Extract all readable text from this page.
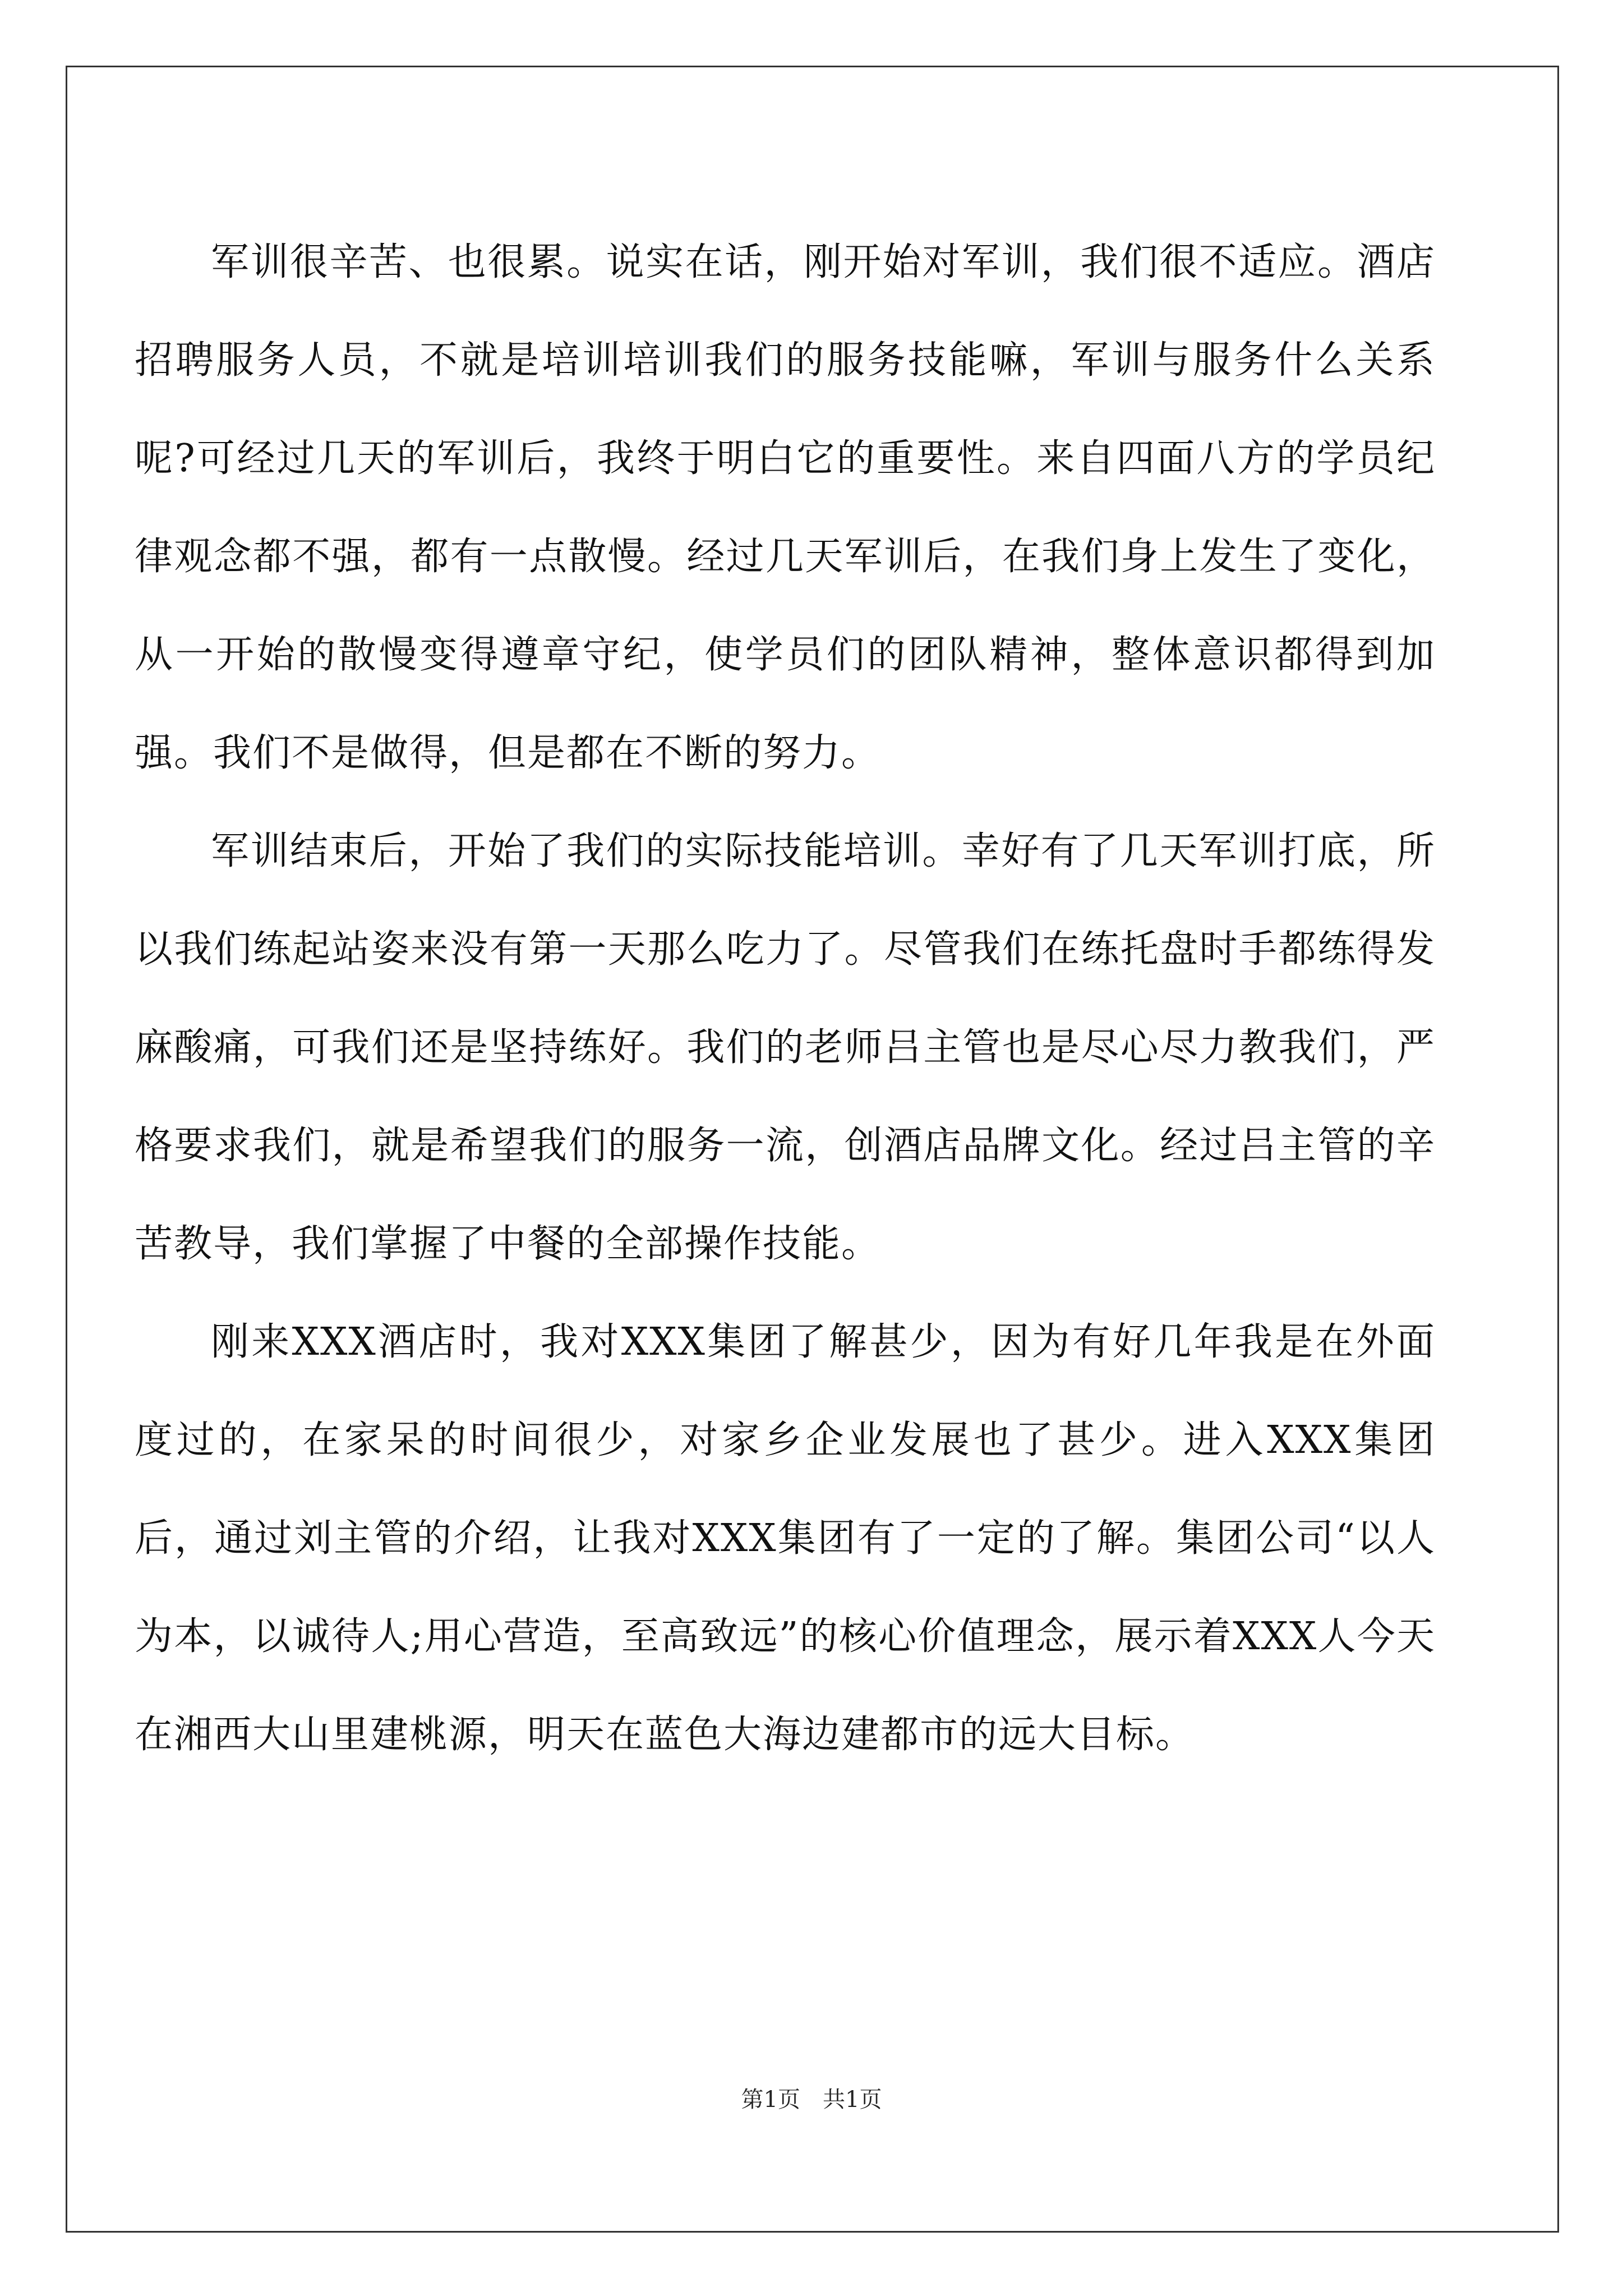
军训很辛苦、也很累。说实在话，刚开始对军训，我们很不适应。酒店招聘服务人员，不就是培训培训我们的服务技能嘛，军训与服务什么关系呢?可经过几天的军训后，我终于明白它的重要性。来自四面八方的学员纪律观念都不强，都有一点散慢。经过几天军训后，在我们身上发生了变化，从一开始的散慢变得遵章守纪，使学员们的团队精神，整体意识都得到加强。我们不是做得，但是都在不断的努力。

军训结束后，开始了我们的实际技能培训。幸好有了几天军训打底，所以我们练起站姿来没有第一天那么吃力了。尽管我们在练托盘时手都练得发麻酸痛，可我们还是坚持练好。我们的老师吕主管也是尽心尽力教我们，严格要求我们，就是希望我们的服务一流，创酒店品牌文化。经过吕主管的辛苦教导，我们掌握了中餐的全部操作技能。

刚来XXX酒店时，我对XXX集团了解甚少，因为有好几年我是在外面度过的，在家呆的时间很少，对家乡企业发展也了甚少。进入XXX集团后，通过刘主管的介绍，让我对XXX集团有了一定的了解。集团公司“以人为本，以诚待人;用心营造，至高致远”的核心价值理念，展示着XXX人今天在湘西大山里建桃源，明天在蓝色大海边建都市的远大目标。

第1页 共1页
